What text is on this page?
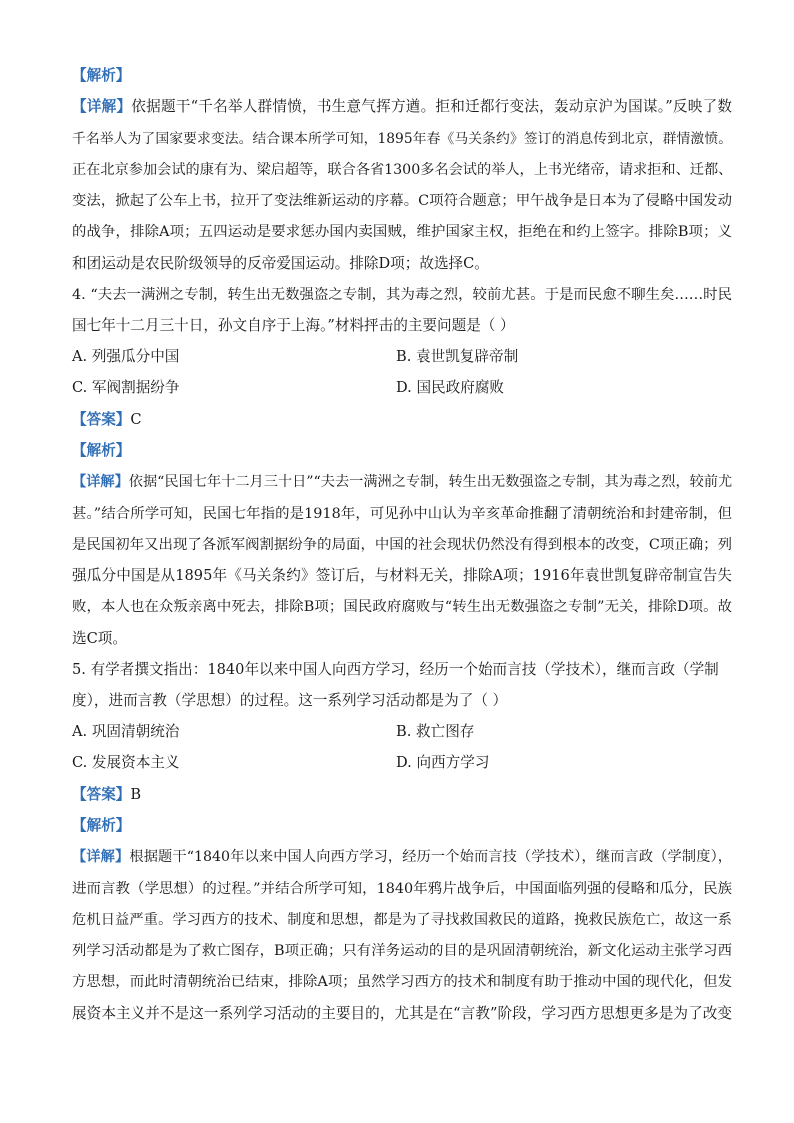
【解析】
【详解】依据题干“千名举人群情愤，书生意气挥方遒。拒和迁都行变法，轰动京沪为国谋。”反映了数
千名举人为了国家要求变法。结合课本所学可知，1895年春《马关条约》签订的消息传到北京，群情激愤。
正在北京参加会试的康有为、梁启超等，联合各省1300多名会试的举人，上书光绪帝，请求拒和、迁都、
变法，掀起了公车上书，拉开了变法维新运动的序幕。C项符合题意；甲午战争是日本为了侵略中国发动
的战争，排除A项；五四运动是要求惩办国内卖国贼，维护国家主权，拒绝在和约上签字。排除B项；义
和团运动是农民阶级领导的反帝爱国运动。排除D项；故选择C。
4. “夫去一满洲之专制，转生出无数强盗之专制，其为毒之烈，较前尤甚。于是而民愈不聊生矣……时民
国七年十二月三十日，孙文自序于上海。”材料抨击的主要问题是（ ）
A. 列强瓜分中国	B. 袁世凯复辟帝制
C. 军阀割据纷争	D. 国民政府腐败
【答案】C
【解析】
【详解】依据“民国七年十二月三十日”“夫去一满洲之专制，转生出无数强盗之专制，其为毒之烈，较前尤
甚。”结合所学可知，民国七年指的是1918年，可见孙中山认为辛亥革命推翻了清朝统治和封建帝制，但
是民国初年又出现了各派军阀割据纷争的局面，中国的社会现状仍然没有得到根本的改变，C项正确；列
强瓜分中国是从1895年《马关条约》签订后，与材料无关，排除A项；1916年袁世凯复辟帝制宣告失
败，本人也在众叛亲离中死去，排除B项；国民政府腐败与“转生出无数强盗之专制”无关，排除D项。故
选C项。
5. 有学者撰文指出：1840年以来中国人向西方学习，经历一个始而言技（学技术），继而言政（学制
度），进而言教（学思想）的过程。这一系列学习活动都是为了（ ）
A. 巩固清朝统治	B. 救亡图存
C. 发展资本主义	D. 向西方学习
【答案】B
【解析】
【详解】根据题干“1840年以来中国人向西方学习，经历一个始而言技（学技术），继而言政（学制度），
进而言教（学思想）的过程。”并结合所学可知，1840年鸦片战争后，中国面临列强的侵略和瓜分，民族
危机日益严重。学习西方的技术、制度和思想，都是为了寻找救国救民的道路，挽救民族危亡，故这一系
列学习活动都是为了救亡图存，B项正确；只有洋务运动的目的是巩固清朝统治，新文化运动主张学习西
方思想，而此时清朝统治已结束，排除A项；虽然学习西方的技术和制度有助于推动中国的现代化，但发
展资本主义并不是这一系列学习活动的主要目的，尤其是在“言教”阶段，学习西方思想更多是为了改变
